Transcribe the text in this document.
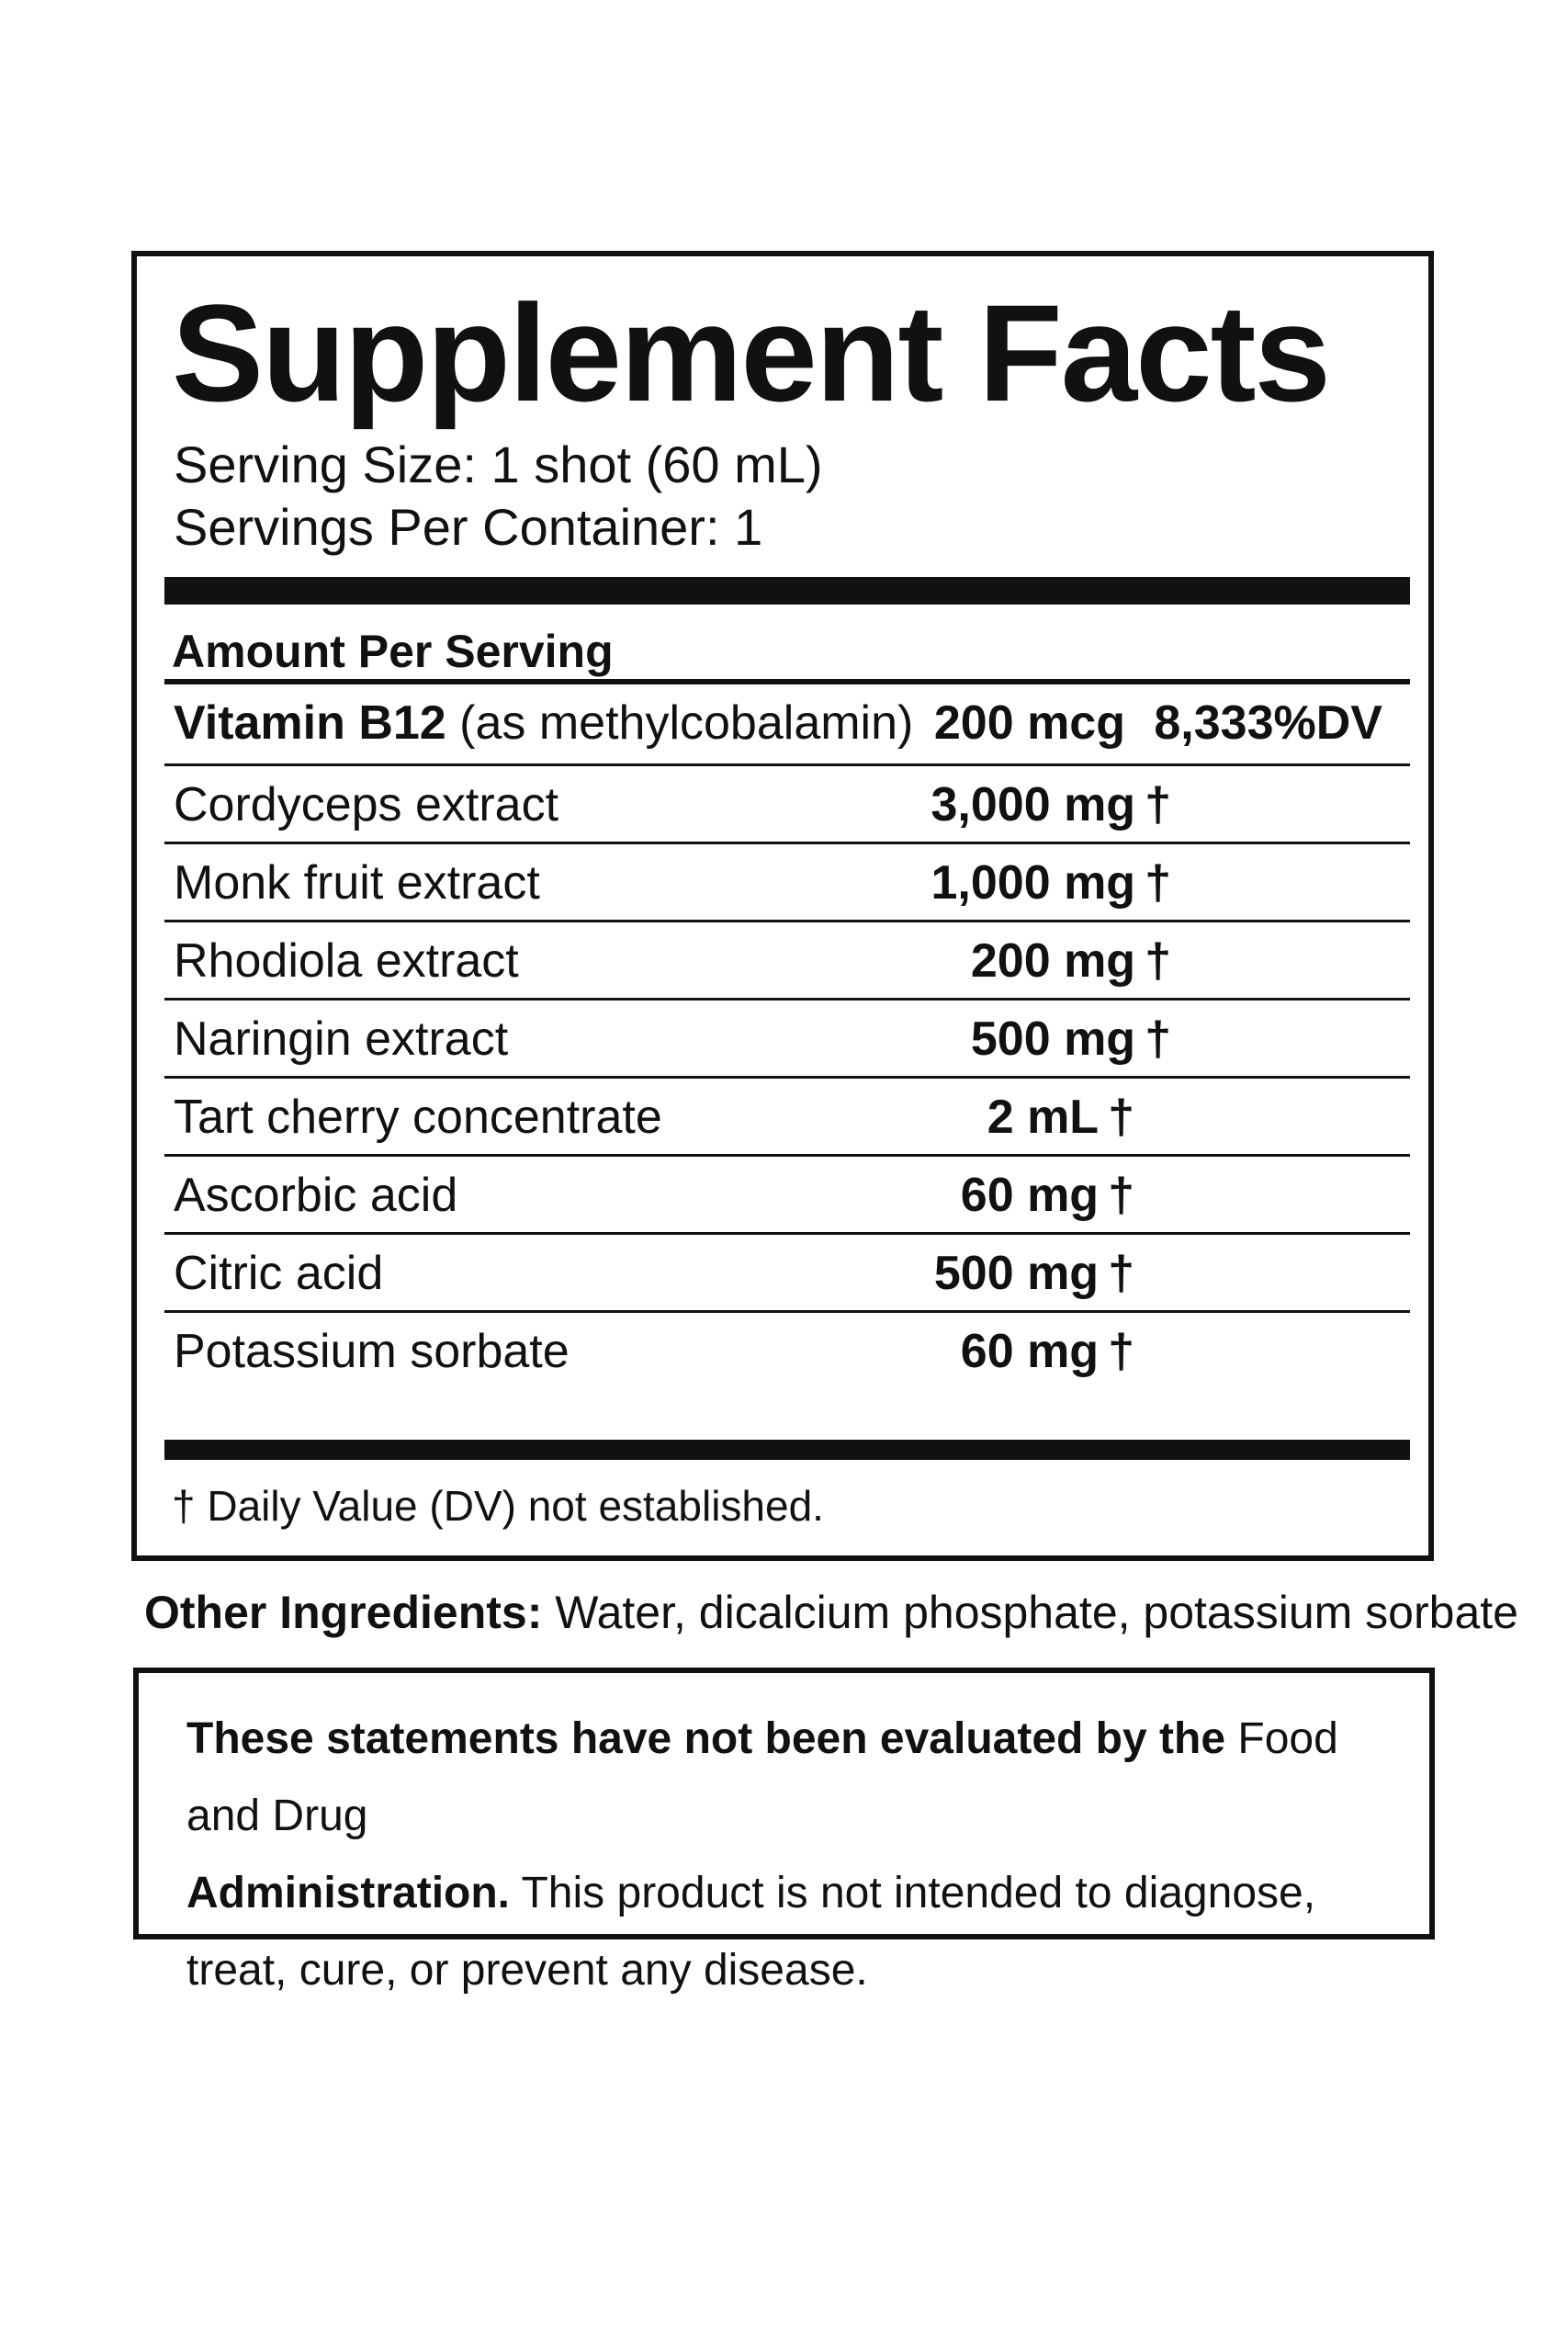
Supplement Facts
Serving Size: 1 shot (60 mL)
Servings Per Container: 1
Amount Per Serving
Vitamin B12 (as methylcobalamin) 200 mcg 8,333%DV
Cordyceps extract	3,000 mg †
Monk fruit extract	1,000 mg †
Rhodiola extract	200 mg †
Naringin extract	500 mg †
Tart cherry concentrate	2 mL †
Ascorbic acid	60 mg †
Citric acid	500 mg †
Potassium sorbate	60 mg †
† Daily Value (DV) not established.
Other Ingredients: Water, dicalcium phosphate, potassium sorbate
These statements have not been evaluated by the Food and Drug
Administration. This product is not intended to diagnose, treat, cure, or prevent any disease.
